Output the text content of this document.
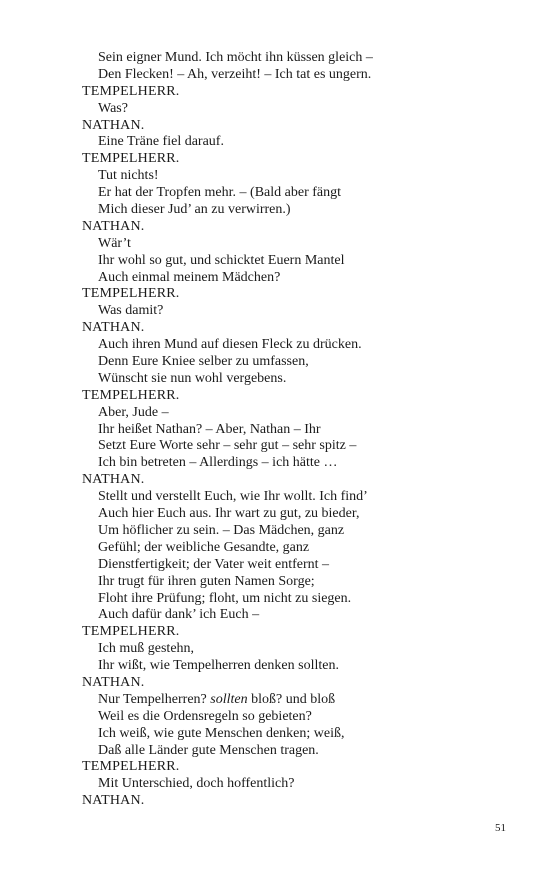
Sein eigner Mund. Ich möcht ihn küssen gleich –
Den Flecken! – Ah, verzeiht! – Ich tat es ungern.
TEMPELHERR.
Was?
NATHAN.
Eine Träne fiel darauf.
TEMPELHERR.
Tut nichts!
Er hat der Tropfen mehr. – (Bald aber fängt
Mich dieser Jud’ an zu verwirren.)
NATHAN.
Wär’t
Ihr wohl so gut, und schicktet Euern Mantel
Auch einmal meinem Mädchen?
TEMPELHERR.
Was damit?
NATHAN.
Auch ihren Mund auf diesen Fleck zu drücken.
Denn Eure Kniee selber zu umfassen,
Wünscht sie nun wohl vergebens.
TEMPELHERR.
Aber, Jude –
Ihr heißet Nathan? – Aber, Nathan – Ihr
Setzt Eure Worte sehr – sehr gut – sehr spitz –
Ich bin betreten – Allerdings – ich hätte …
NATHAN.
Stellt und verstellt Euch, wie Ihr wollt. Ich find’
Auch hier Euch aus. Ihr wart zu gut, zu bieder,
Um höflicher zu sein. – Das Mädchen, ganz
Gefühl; der weibliche Gesandte, ganz
Dienstfertigkeit; der Vater weit entfernt –
Ihr trugt für ihren guten Namen Sorge;
Floht ihre Prüfung; floht, um nicht zu siegen.
Auch dafür dank’ ich Euch –
TEMPELHERR.
Ich muß gestehn,
Ihr wißt, wie Tempelherren denken sollten.
NATHAN.
Nur Tempelherren? sollten bloß? und bloß
Weil es die Ordensregeln so gebieten?
Ich weiß, wie gute Menschen denken; weiß,
Daß alle Länder gute Menschen tragen.
TEMPELHERR.
Mit Unterschied, doch hoffentlich?
NATHAN.
51
